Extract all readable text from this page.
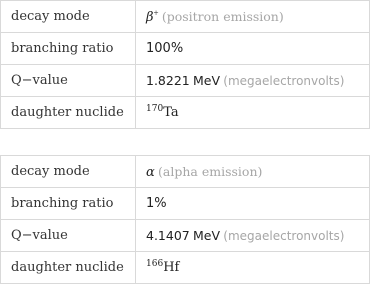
decay mode	β+ (positron emission)
branching ratio	100%
Q−value	1.8221 MeV (megaelectronvolts)
daughter nuclide	$^{170}$Ta
decay mode	α (alpha emission)
branching ratio	1%
Q−value	4.1407 MeV (megaelectronvolts)
daughter nuclide	$^{166}$Hf
